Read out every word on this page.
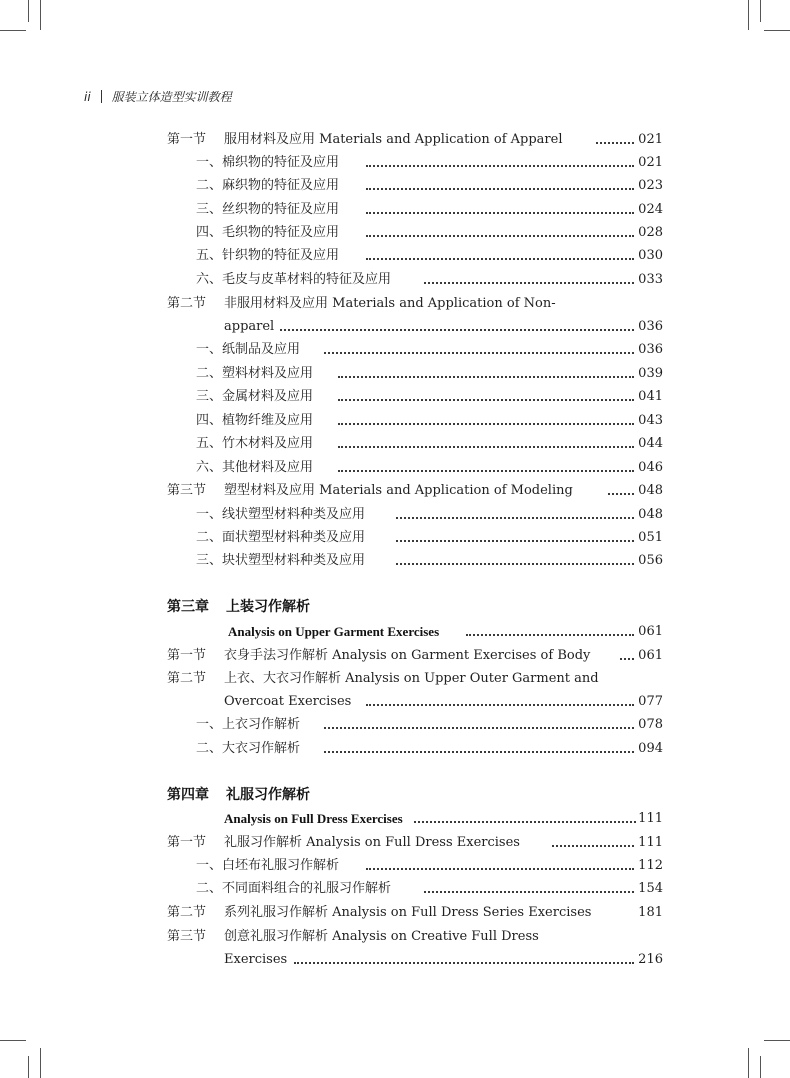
ii 服装立体造型实训教程
第一节 服用材料及应用 Materials and Application of Apparel	021
一、棉织物的特征及应用	021
二、麻织物的特征及应用	023
三、丝织物的特征及应用	024
四、毛织物的特征及应用	028
五、针织物的特征及应用	030
六、毛皮与皮革材料的特征及应用	033
第二节 非服用材料及应用 Materials and Application of Non-
apparel	036
一、纸制品及应用	036
二、塑料材料及应用	039
三、金属材料及应用	041
四、植物纤维及应用	043
五、竹木材料及应用	044
六、其他材料及应用	046
第三节 塑型材料及应用 Materials and Application of Modeling	048
一、线状塑型材料种类及应用	048
二、面状塑型材料种类及应用	051
三、块状塑型材料种类及应用	056
第三章 上装习作解析
Analysis on Upper Garment Exercises	061
第一节 衣身手法习作解析 Analysis on Garment Exercises of Body	061
第二节 上衣、大衣习作解析 Analysis on Upper Outer Garment and
Overcoat Exercises	077
一、上衣习作解析	078
二、大衣习作解析	094
第四章 礼服习作解析
Analysis on Full Dress Exercises	111
第一节 礼服习作解析 Analysis on Full Dress Exercises	111
一、白坯布礼服习作解析	112
二、不同面料组合的礼服习作解析	154
第二节 系列礼服习作解析 Analysis on Full Dress Series Exercises	181
第三节 创意礼服习作解析 Analysis on Creative Full Dress
Exercises	216
